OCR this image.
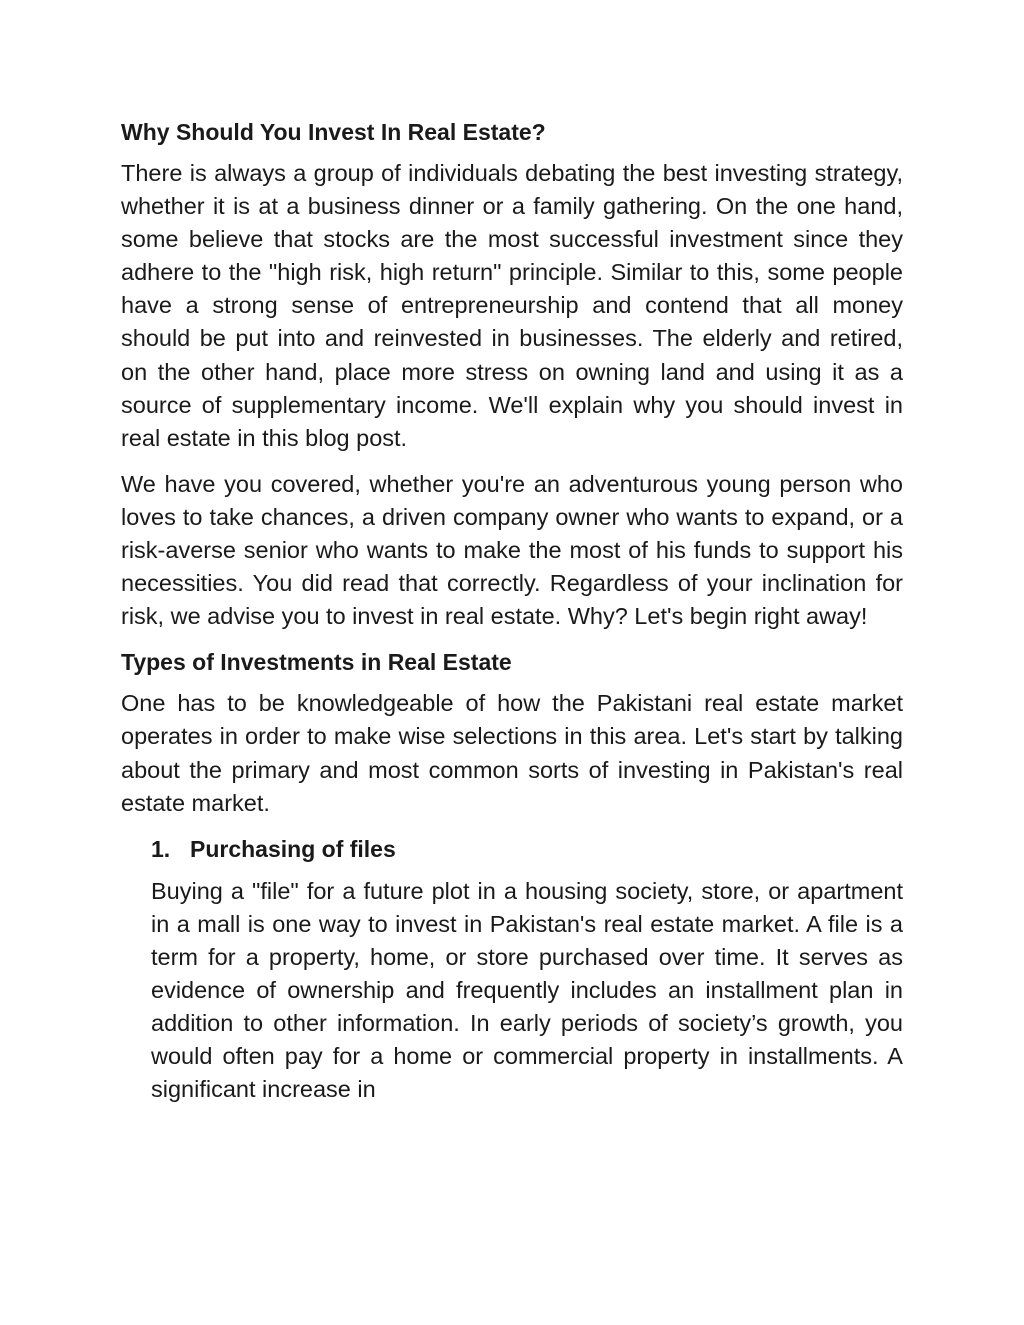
Why Should You Invest In Real Estate?

There is always a group of individuals debating the best investing strategy, whether it is at a business dinner or a family gathering. On the one hand, some believe that stocks are the most successful investment since they adhere to the "high risk, high return" principle. Similar to this, some people have a strong sense of entrepreneurship and contend that all money should be put into and reinvested in businesses. The elderly and retired, on the other hand, place more stress on owning land and using it as a source of supplementary income. We'll explain why you should invest in real estate in this blog post.

We have you covered, whether you're an adventurous young person who loves to take chances, a driven company owner who wants to expand, or a risk-averse senior who wants to make the most of his funds to support his necessities. You did read that correctly. Regardless of your inclination for risk, we advise you to invest in real estate. Why? Let's begin right away!

Types of Investments in Real Estate

One has to be knowledgeable of how the Pakistani real estate market operates in order to make wise selections in this area. Let's start by talking about the primary and most common sorts of investing in Pakistan's real estate market.

1. Purchasing of files

Buying a "file" for a future plot in a housing society, store, or apartment in a mall is one way to invest in Pakistan's real estate market. A file is a term for a property, home, or store purchased over time. It serves as evidence of ownership and frequently includes an installment plan in addition to other information. In early periods of society’s growth, you would often pay for a home or commercial property in installments. A significant increase in
